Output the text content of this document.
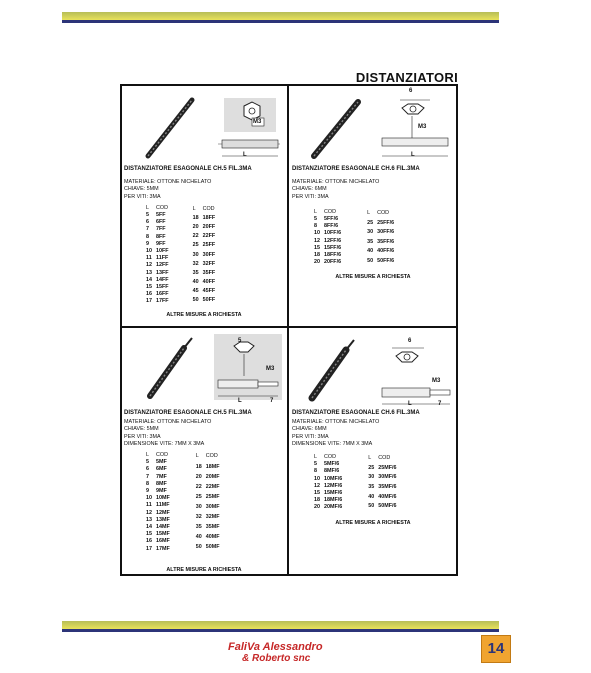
DISTANZIATORI
M3
L
6
M3
L
5
M3
L	7
6
M3
L	7
DISTANZIATORE ESAGONALE CH.5 FIL.3MA

MATERIALE: OTTONE NICHELATO

CHIAVE: 5MM

PER VITI: 3MA

L	COD
5	5FF
6	6FF
7	7FF
8	8FF
9	9FF
10	10FF
11	11FF
12	12FF
13	13FF
14	14FF
15	15FF
16	16FF
17	17FF
L	COD
18	18FF
20	20FF
22	22FF
25	25FF
30	30FF
32	32FF
35	35FF
40	40FF
45	45FF
50	50FF
ALTRE MISURE A RICHIESTA
DISTANZIATORE ESAGONALE CH.6 FIL.3MA

MATERIALE: OTTONE NICHELATO

CHIAVE: 6MM

PER VITI: 3MA

L	COD
5	5FF/6
8	8FF/6
10	10FF/6
12	12FF/6
15	15FF/6
18	18FF/6
20	20FF/6
L	COD
25	25FF/6
30	30FF/6
35	35FF/6
40	40FF/6
50	50FF/6
ALTRE MISURE A RICHIESTA
DISTANZIATORE ESAGONALE CH.5 FIL.3MA

MATERIALE: OTTONE NICHELATO

CHIAVE: 5MM

PER VITI: 3MA

DIMENSIONE VITE: 7MM X 3MA

L	COD
5	5MF
6	6MF
7	7MF
8	8MF
9	9MF
10	10MF
11	11MF
12	12MF
13	13MF
14	14MF
15	15MF
16	16MF
17	17MF
L	COD
18	18MF
20	20MF
22	22MF
25	25MF
30	30MF
32	32MF
35	35MF
40	40MF
50	50MF
ALTRE MISURE A RICHIESTA
DISTANZIATORE ESAGONALE CH.6 FIL.3MA

MATERIALE: OTTONE NICHELATO

CHIAVE: 6MM

PER VITI: 3MA

DIMENSIONE VITE: 7MM X 3MA

L	COD
5	5MF/6
8	8MF/6
10	10MF/6
12	12MF/6
15	15MF/6
18	18MF/6
20	20MF/6
L	COD
25	25MF/6
30	30MF/6
35	35MF/6
40	40MF/6
50	50MF/6
ALTRE MISURE A RICHIESTA
FaliVa Alessandro
& Roberto snc
14
